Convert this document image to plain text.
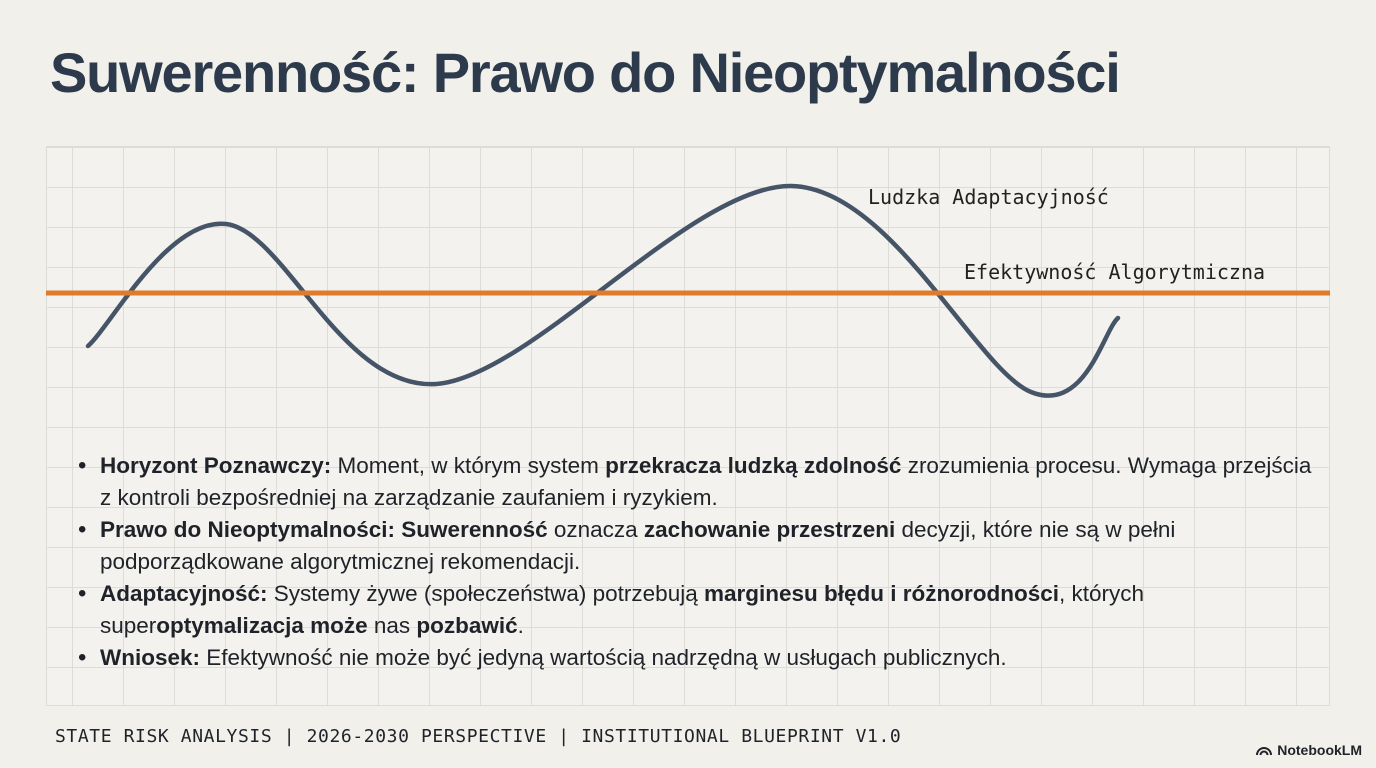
Suwerenność: Prawo do Nieoptymalności
Ludzka Adaptacyjność
Efektywność Algorytmiczna
• Horyzont Poznawczy: Moment, w którym system przekracza ludzką zdolność zrozumienia procesu. Wymaga przejścia z kontroli bezpośredniej na zarządzanie zaufaniem i ryzykiem.
• Prawo do Nieoptymalności: Suwerenność oznacza zachowanie przestrzeni decyzji, które nie są w pełni podporządkowane algorytmicznej rekomendacji.
• Adaptacyjność: Systemy żywe (społeczeństwa) potrzebują marginesu błędu i różnorodności, których superoptymalizacja może nas pozbawić.
• Wniosek: Efektywność nie może być jedyną wartością nadrzędną w usługach publicznych.
STATE RISK ANALYSIS | 2026-2030 PERSPECTIVE | INSTITUTIONAL BLUEPRINT V1.0
NotebookLM
